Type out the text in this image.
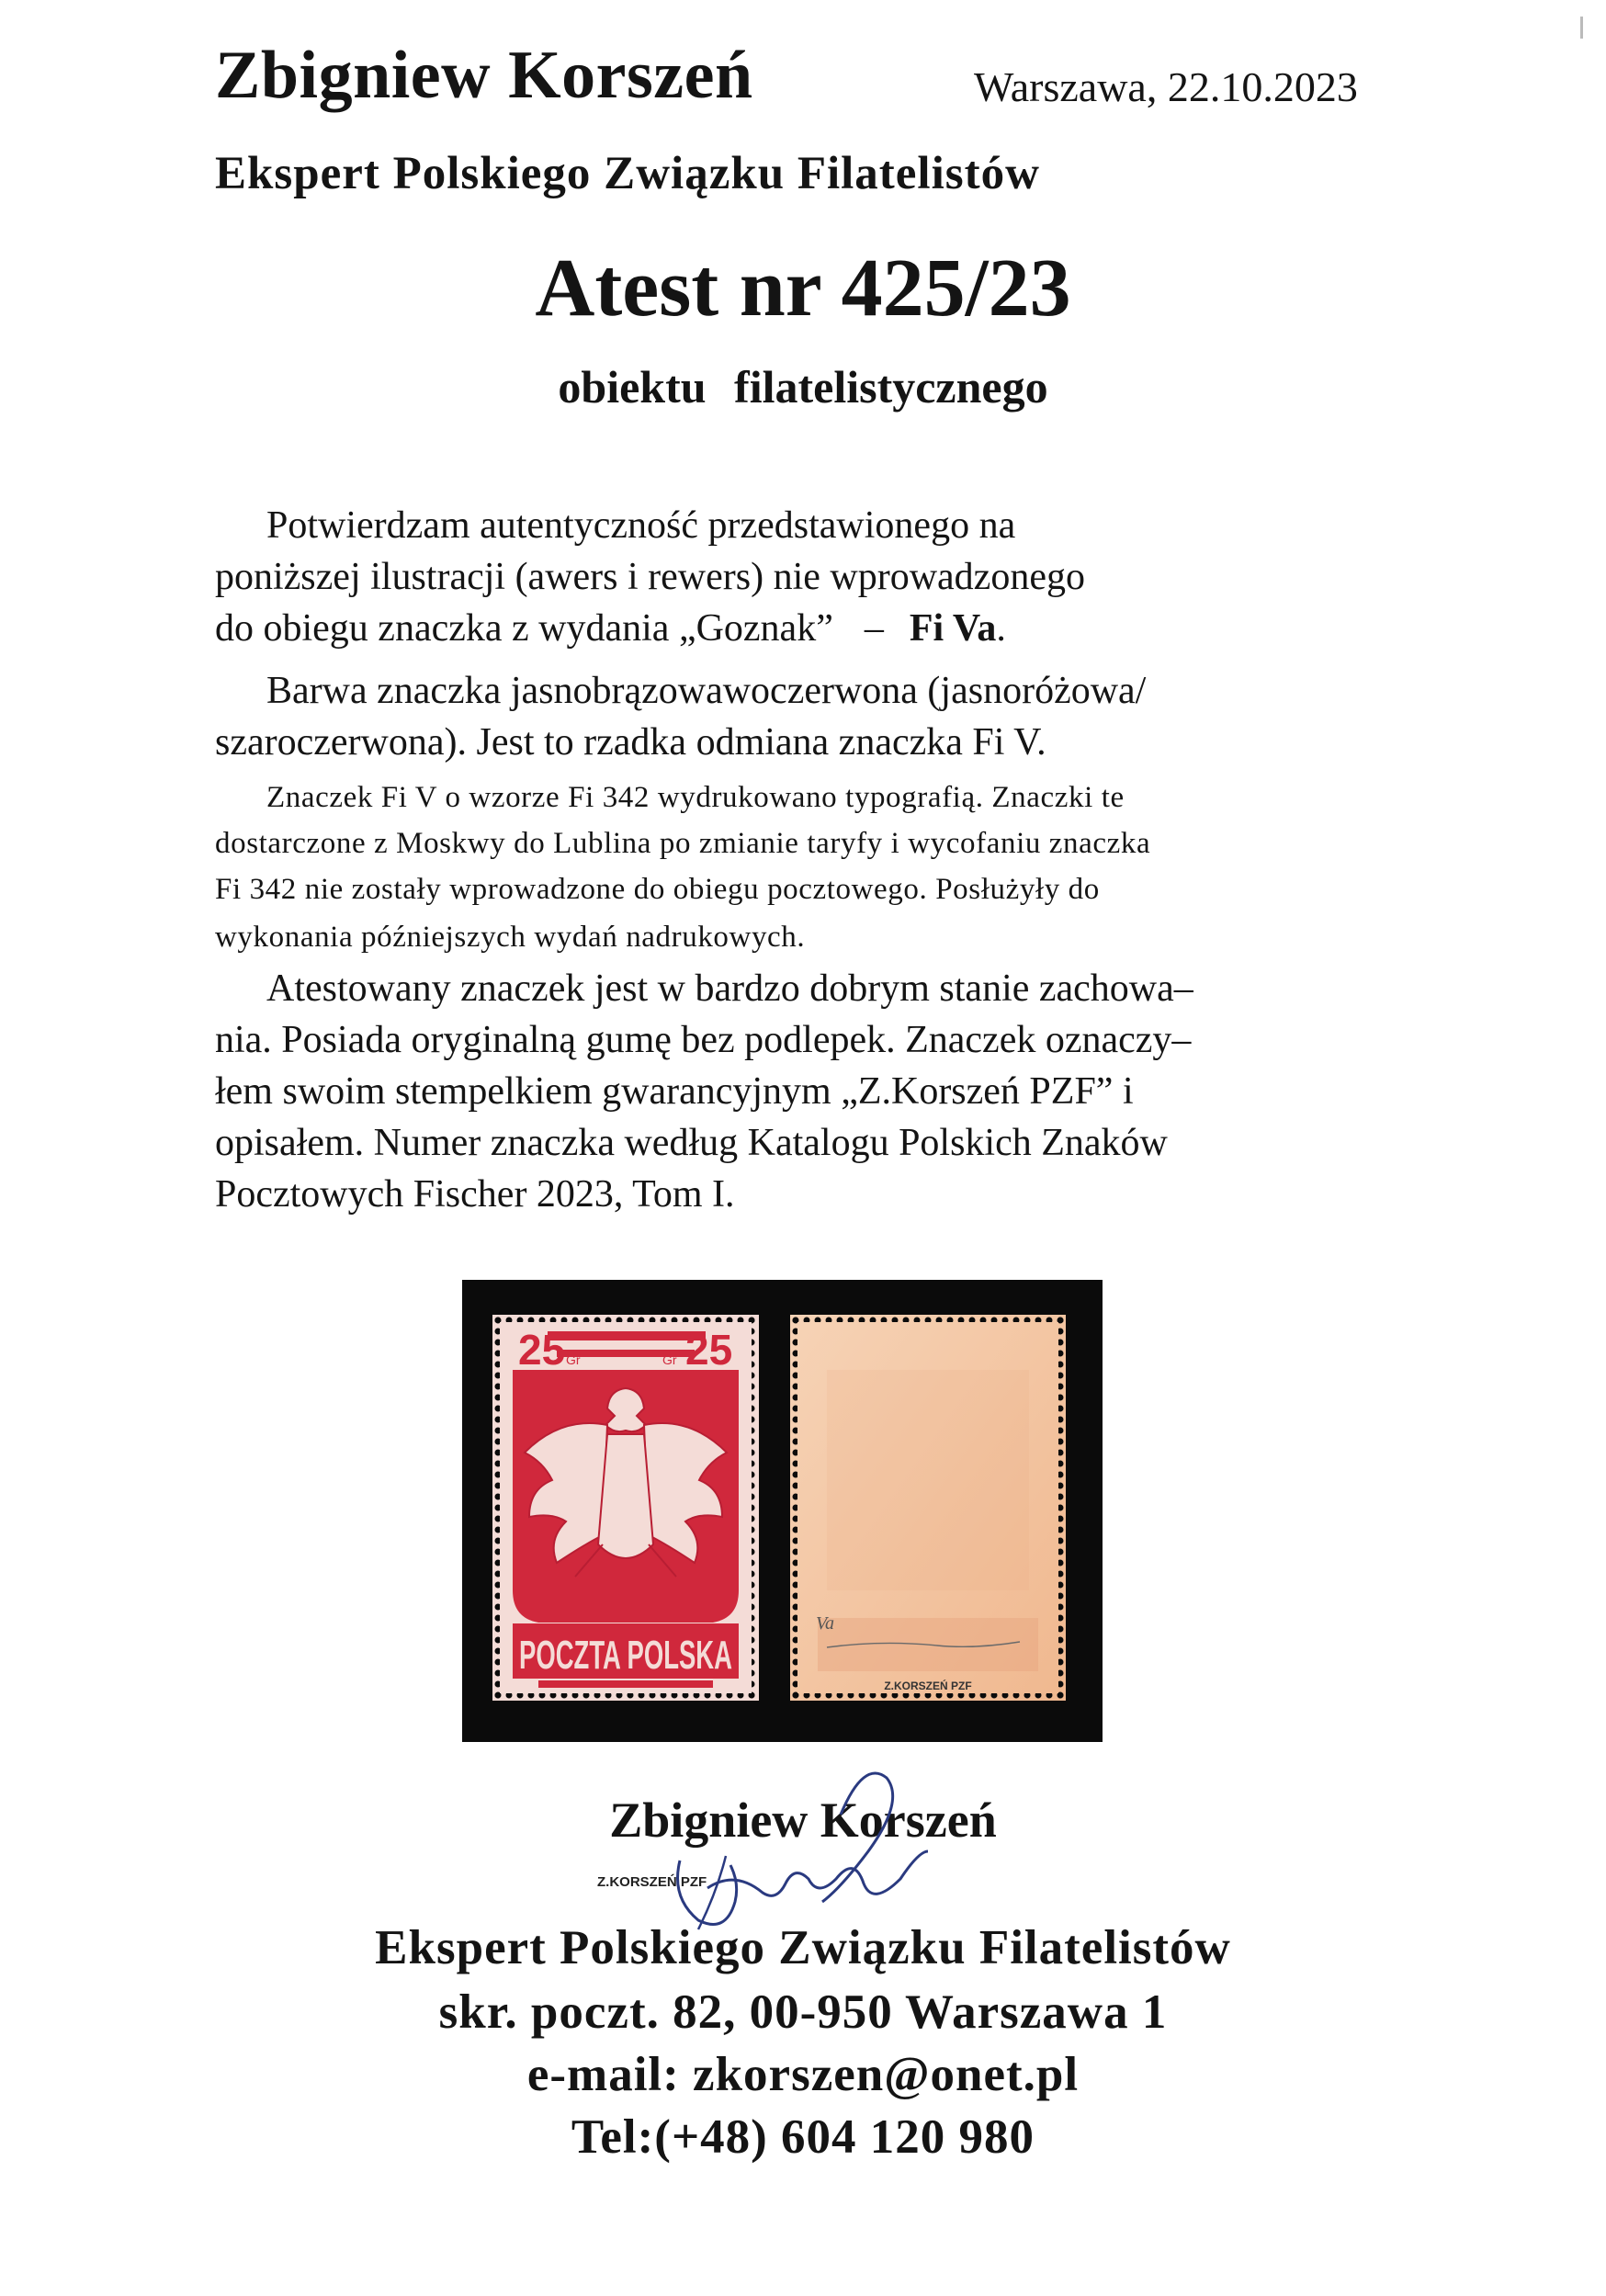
Zbigniew Korszeń	Warszawa, 22.10.2023
Ekspert Polskiego Związku Filatelistów
Atest nr 425/23
obiektu filatelistycznego
Potwierdzam autentyczność przedstawionego na
poniższej ilustracji (awers i rewers) nie wprowadzonego
do obiegu znaczka z wydania „Goznak” – Fi Va.
Barwa znaczka jasnobrązowawoczerwona (jasnoróżowa/
szaroczerwona). Jest to rzadka odmiana znaczka Fi V.
Znaczek Fi V o wzorze Fi 342 wydrukowano typografią. Znaczki te
dostarczone z Moskwy do Lublina po zmianie taryfy i wycofaniu znaczka
Fi 342 nie zostały wprowadzone do obiegu pocztowego. Posłużyły do
wykonania późniejszych wydań nadrukowych.
Atestowany znaczek jest w bardzo dobrym stanie zachowa–
nia. Posiada oryginalną gumę bez podlepek. Znaczek oznaczy–
łem swoim stempelkiem gwarancyjnym „Z.Korszeń PZF” i
opisałem. Numer znaczka według Katalogu Polskich Znaków
Pocztowych Fischer 2023, Tom I.
25	25
Gr	Gr
POCZTA POLSKA
Va
Z.KORSZEŃ PZF
Zbigniew Korszeń
Z.KORSZEŃ PZF
Ekspert Polskiego Związku Filatelistów
skr. poczt. 82, 00-950 Warszawa 1
e-mail: zkorszen@onet.pl
Tel:(+48) 604 120 980
